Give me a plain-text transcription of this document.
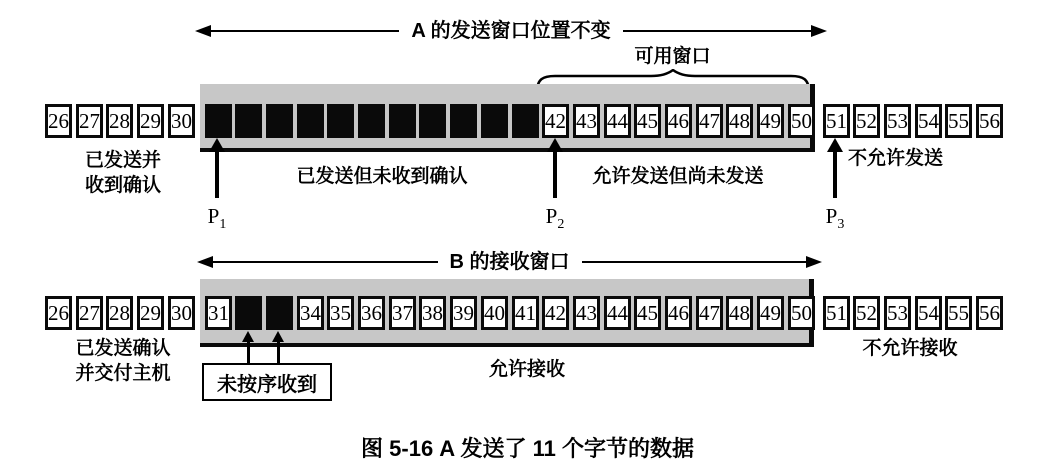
A 的发送窗口位置不变
可用窗口
26 27 28 29 30	42 43 44 45 46 47 48 49 50 51 52 53 54 55 56
$P_1$	$P_2$	$P_3$
已发送并
收到确认	已发送但未收到确认	允许发送但尚未发送
不允许发送
B 的接收窗口
26 27 28 29 30 31	34 35 36 37 38 39 40 41 42 43 44 45 46 47 48 49 50 51 52 53 54 55 56
未按序收到
已发送确认
并交付主机	允许接收
不允许接收
图 5-16 A 发送了 11 个字节的数据
